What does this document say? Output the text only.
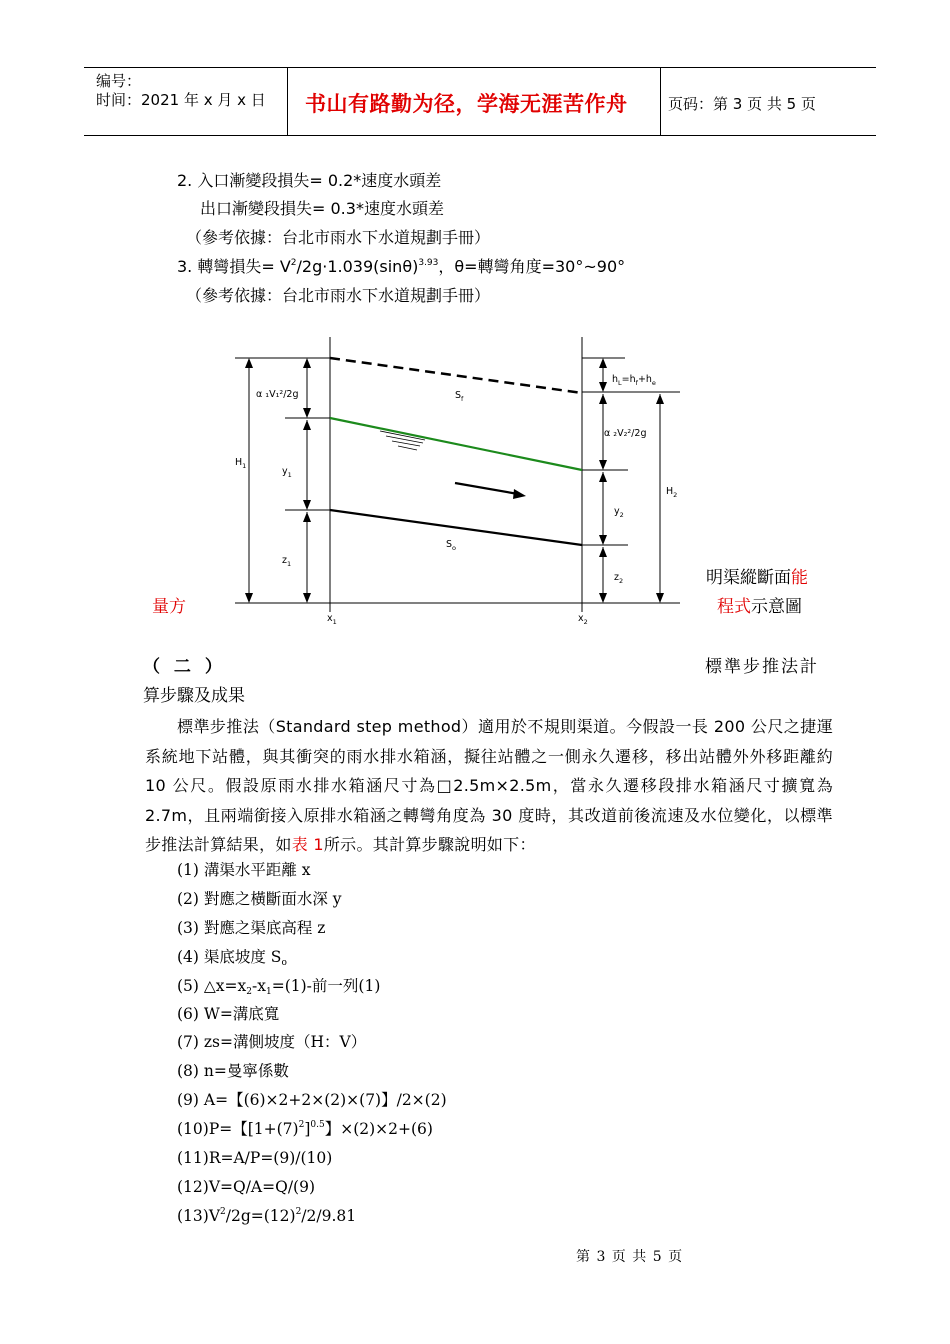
编号：
时间：2021 年 x 月 x 日 书山有路勤为径，学海无涯苦作舟	页码：第 3 页 共 5 页
2. 入口漸變段損失= 0.2*速度水頭差
出口漸變段損失= 0.3*速度水頭差
（參考依據：台北市雨水下水道規劃手冊）
3. 轉彎損失= $V^2/2g\cdot 1.039(\sin\theta)^{3.93}$，θ=轉彎角度=30°~90°
（參考依據：台北市雨水下水道規劃手冊）
α ₁V₁²/2g	$S_f$
$h_L=h_f+h_e$
$H_1$	$y_1$
$z_1$
α ₂V₂²/2g
$y_2$
$H_2$
$z_2$
$S_o$
$x_1$	$x_2$
明渠縱斷面能
程式示意圖
量方
（ 二 ）	標準步推法計
算步驟及成果
標準步推法（Standard step method）適用於不規則渠道。今假設一長 200 公尺之捷運系統地下站體，與其衝突的雨水排水箱涵，擬往站體之一側永久遷移，移出站體外外移距離約 10 公尺。假設原雨水排水箱涵尺寸為□2.5m×2.5m，當永久遷移段排水箱涵尺寸擴寬為 2.7m，且兩端銜接入原排水箱涵之轉彎角度為 30 度時，其改道前後流速及水位變化，以標準步推法計算結果，如表 1所示。其計算步驟說明如下：
(1) 溝渠水平距離 x
(2) 對應之橫斷面水深 y
(3) 對應之渠底高程 z
(4) 渠底坡度 $S_o$
(5) $\triangle x=x_2-x_1=(1)-$前一列(1)
(6) W=溝底寬
(7) zs=溝側坡度（H：V）
(8) n=曼寧係數
(9) A=【(6)×2+2×(2)×(7)】/2×(2)
(10)P=【$[1+(7)^2]^{0.5}$】×(2)×2+(6)
(11)R=A/P=(9)/(10)
(12)V=Q/A=Q/(9)
$(13)V^2/2g=(12)^2/2/9.81$
第 3 页 共 5 页
